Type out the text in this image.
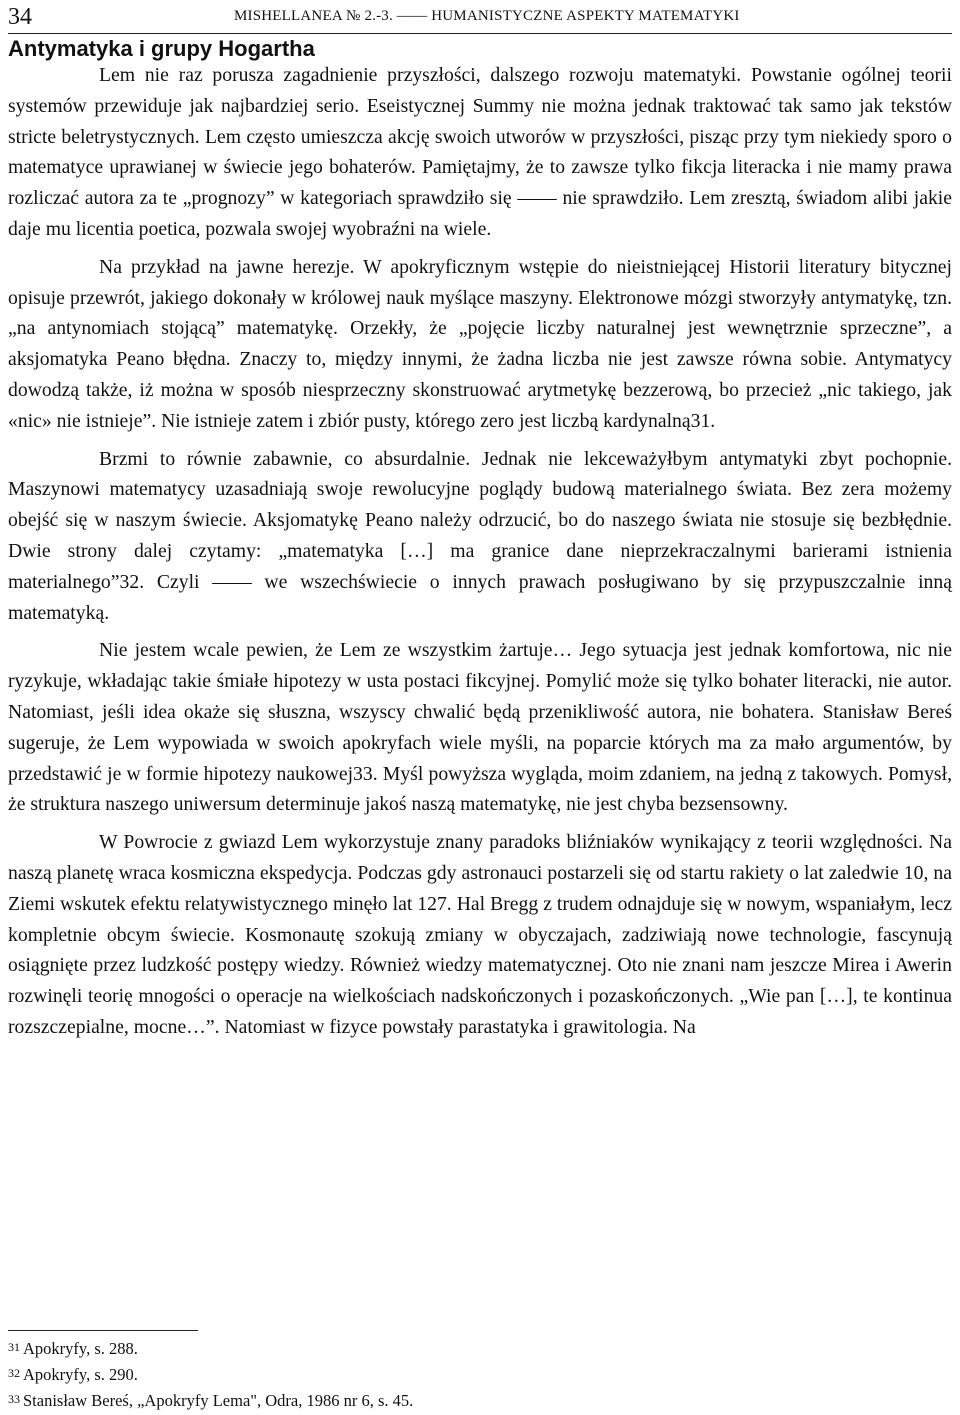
34	MISHELLANEA № 2.-3. —— HUMANISTYCZNE ASPEKTY MATEMATYKI
Antymatyka i grupy Hogartha

Lem nie raz porusza zagadnienie przyszłości, dalszego rozwoju matematyki. Powstanie ogólnej teorii systemów przewiduje jak najbardziej serio. Eseistycznej Summy nie można jednak traktować tak samo jak tekstów stricte beletrystycznych. Lem często umieszcza akcję swoich utworów w przyszłości, pisząc przy tym niekiedy sporo o matematyce uprawianej w świecie jego bohaterów. Pamiętajmy, że to zawsze tylko fikcja literacka i nie mamy prawa rozliczać autora za te „prognozy” w kategoriach sprawdziło się —— nie sprawdziło. Lem zresztą, świadom alibi jakie daje mu licentia poetica, pozwala swojej wyobraźni na wiele.

Na przykład na jawne herezje. W apokryficznym wstępie do nieistniejącej Historii literatury bitycznej opisuje przewrót, jakiego dokonały w królowej nauk myślące maszyny. Elektronowe mózgi stworzyły antymatykę, tzn. „na antynomiach stojącą” matematykę. Orzekły, że „pojęcie liczby naturalnej jest wewnętrznie sprzeczne”, a aksjomatyka Peano błędna. Znaczy to, między innymi, że żadna liczba nie jest zawsze równa sobie. Antymatycy dowodzą także, iż można w sposób niesprzeczny skonstruować arytmetykę bezzerową, bo przecież „nic takiego, jak «nic» nie istnieje”. Nie istnieje zatem i zbiór pusty, którego zero jest liczbą kardynalną31.

Brzmi to równie zabawnie, co absurdalnie. Jednak nie lekceważyłbym antymatyki zbyt pochopnie. Maszynowi matematycy uzasadniają swoje rewolucyjne poglądy budową materialnego świata. Bez zera możemy obejść się w naszym świecie. Aksjomatykę Peano należy odrzucić, bo do naszego świata nie stosuje się bezbłędnie. Dwie strony dalej czytamy: „matematyka […] ma granice dane nieprzekraczalnymi barierami istnienia materialnego”32. Czyli —— we wszechświecie o innych prawach posługiwano by się przypuszczalnie inną matematyką.

Nie jestem wcale pewien, że Lem ze wszystkim żartuje… Jego sytuacja jest jednak komfortowa, nic nie ryzykuje, wkładając takie śmiałe hipotezy w usta postaci fikcyjnej. Pomylić może się tylko bohater literacki, nie autor. Natomiast, jeśli idea okaże się słuszna, wszyscy chwalić będą przenikliwość autora, nie bohatera. Stanisław Bereś sugeruje, że Lem wypowiada w swoich apokryfach wiele myśli, na poparcie których ma za mało argumentów, by przedstawić je w formie hipotezy naukowej33. Myśl powyższa wygląda, moim zdaniem, na jedną z takowych. Pomysł, że struktura naszego uniwersum determinuje jakoś naszą matematykę, nie jest chyba bezsensowny.

W Powrocie z gwiazd Lem wykorzystuje znany paradoks bliźniaków wynikający z teorii względności. Na naszą planetę wraca kosmiczna ekspedycja. Podczas gdy astronauci postarzeli się od startu rakiety o lat zaledwie 10, na Ziemi wskutek efektu relatywistycznego minęło lat 127. Hal Bregg z trudem odnajduje się w nowym, wspaniałym, lecz kompletnie obcym świecie. Kosmonautę szokują zmiany w obyczajach, zadziwiają nowe technologie, fascynują osiągnięte przez ludzkość postępy wiedzy. Również wiedzy matematycznej. Oto nie znani nam jeszcze Mirea i Awerin rozwinęli teorię mnogości o operacje na wielkościach nadskończonych i pozaskończonych. „Wie pan […], te kontinua rozszczepialne, mocne…”. Natomiast w fizyce powstały parastatyka i grawitologia. Na

31 Apokryfy, s. 288.
32 Apokryfy, s. 290.
33 Stanisław Bereś, „Apokryfy Lema", Odra, 1986 nr 6, s. 45.
